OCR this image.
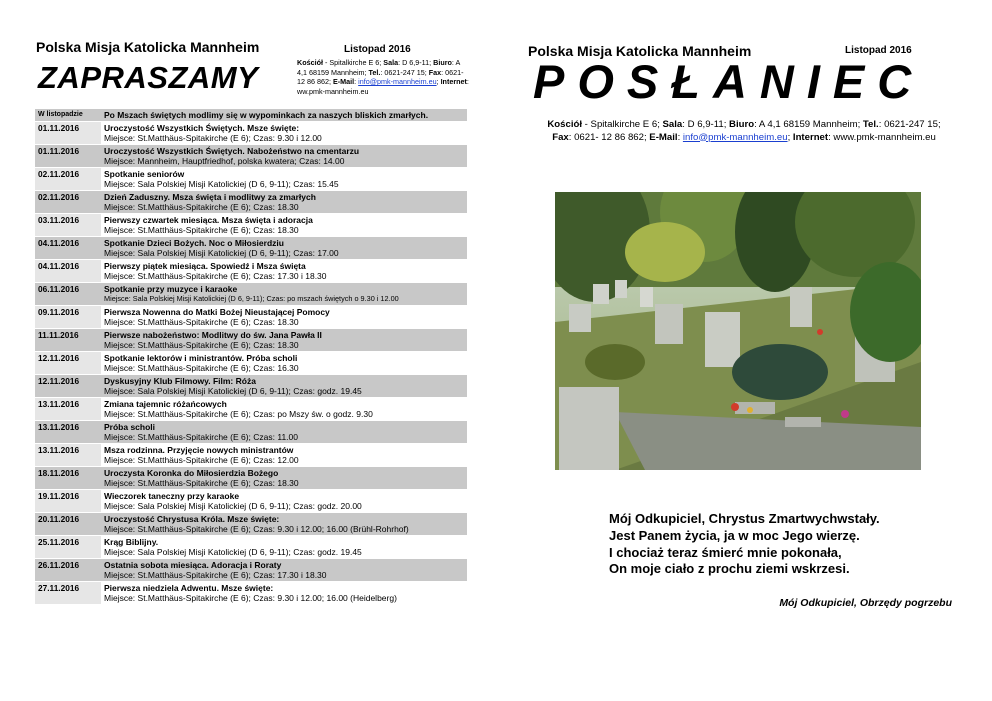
Polska Misja Katolicka Mannheim	Listopad 2016
ZAPRASZAMY	Kościół - Spitalkirche E 6; Sala: D 6,9-11; Biuro: A 4,1 68159 Mannheim; Tel.: 0621-247 15; Fax: 0621- 12 86 862; E-Mail: info@pmk-mannheim.eu; Internet: ww.pmk-mannheim.eu
W listopadzie	Po Mszach świętych modlimy się w wypominkach za naszych bliskich zmarłych.

01.11.2016	Uroczystość Wszystkich Świętych. Msze święte:
Miejsce: St.Matthäus-Spitakirche (E 6); Czas: 9.30 i 12.00

01.11.2016	Uroczystość Wszystkich Świętych. Nabożeństwo na cmentarzu
Miejsce: Mannheim, Hauptfriedhof, polska kwatera; Czas: 14.00

02.11.2016	Spotkanie seniorów
Miejsce: Sala Polskiej Misji Katolickiej (D 6, 9-11); Czas: 15.45

02.11.2016	Dzień Zaduszny. Msza święta i modlitwy za zmarłych
Miejsce: St.Matthäus-Spitakirche (E 6); Czas: 18.30

03.11.2016	Pierwszy czwartek miesiąca. Msza święta i adoracja
Miejsce: St.Matthäus-Spitakirche (E 6); Czas: 18.30

04.11.2016	Spotkanie Dzieci Bożych. Noc o Miłosierdziu
Miejsce: Sala Polskiej Misji Katolickiej (D 6, 9-11); Czas: 17.00

04.11.2016	Pierwszy piątek miesiąca. Spowiedź i Msza święta
Miejsce: St.Matthäus-Spitakirche (E 6); Czas: 17.30 i 18.30

06.11.2016	Spotkanie przy muzyce i karaoke
Miejsce: Sala Polskiej Misji Katolickiej (D 6, 9-11); Czas: po mszach świętych o 9.30 i 12.00

09.11.2016	Pierwsza Nowenna do Matki Bożej Nieustającej Pomocy
Miejsce: St.Matthäus-Spitakirche (E 6); Czas: 18.30

11.11.2016	Pierwsze nabożeństwo: Modlitwy do św. Jana Pawła II
Miejsce: St.Matthäus-Spitakirche (E 6); Czas: 18.30

12.11.2016	Spotkanie lektorów i ministrantów. Próba scholi
Miejsce: St.Matthäus-Spitakirche (E 6); Czas: 16.30

12.11.2016	Dyskusyjny Klub Filmowy. Film: Róża
Miejsce: Sala Polskiej Misji Katolickiej (D 6, 9-11); Czas: godz. 19.45

13.11.2016	Zmiana tajemnic różańcowych
Miejsce: St.Matthäus-Spitakirche (E 6); Czas: po Mszy św. o godz. 9.30

13.11.2016	Próba scholi
Miejsce: St.Matthäus-Spitakirche (E 6); Czas: 11.00

13.11.2016	Msza rodzinna. Przyjęcie nowych ministrantów
Miejsce: St.Matthäus-Spitakirche (E 6); Czas: 12.00

18.11.2016	Uroczysta Koronka do Miłosierdzia Bożego
Miejsce: St.Matthäus-Spitakirche (E 6); Czas: 18.30

19.11.2016	Wieczorek taneczny przy karaoke
Miejsce: Sala Polskiej Misji Katolickiej (D 6, 9-11); Czas: godz. 20.00

20.11.2016	Uroczystość Chrystusa Króla. Msze święte:
Miejsce: St.Matthäus-Spitakirche (E 6); Czas: 9.30 i 12.00; 16.00 (Brühl-Rohrhof)

25.11.2016	Krąg Biblijny.
Miejsce: Sala Polskiej Misji Katolickiej (D 6, 9-11); Czas: godz. 19.45

26.11.2016	Ostatnia sobota miesiąca. Adoracja i Roraty
Miejsce: St.Matthäus-Spitakirche (E 6); Czas: 17.30 i 18.30

27.11.2016	Pierwsza niedziela Adwentu. Msze święte:
Miejsce: St.Matthäus-Spitakirche (E 6); Czas: 9.30 i 12.00; 16.00 (Heidelberg)
Polska Misja Katolicka Mannheim	Listopad 2016
POSŁANIEC
Kościół - Spitalkirche E 6; Sala: D 6,9-11; Biuro: A 4,1 68159 Mannheim; Tel.: 0621-247 15;
Fax: 0621- 12 86 862; E-Mail: info@pmk-mannheim.eu; Internet: www.pmk-mannheim.eu
Mój Odkupiciel, Chrystus Zmartwychwstały.
Jest Panem życia, ja w moc Jego wierzę.
I chociaż teraz śmierć mnie pokonała,
On moje ciało z prochu ziemi wskrzesi.
Mój Odkupiciel, Obrzędy pogrzebu
